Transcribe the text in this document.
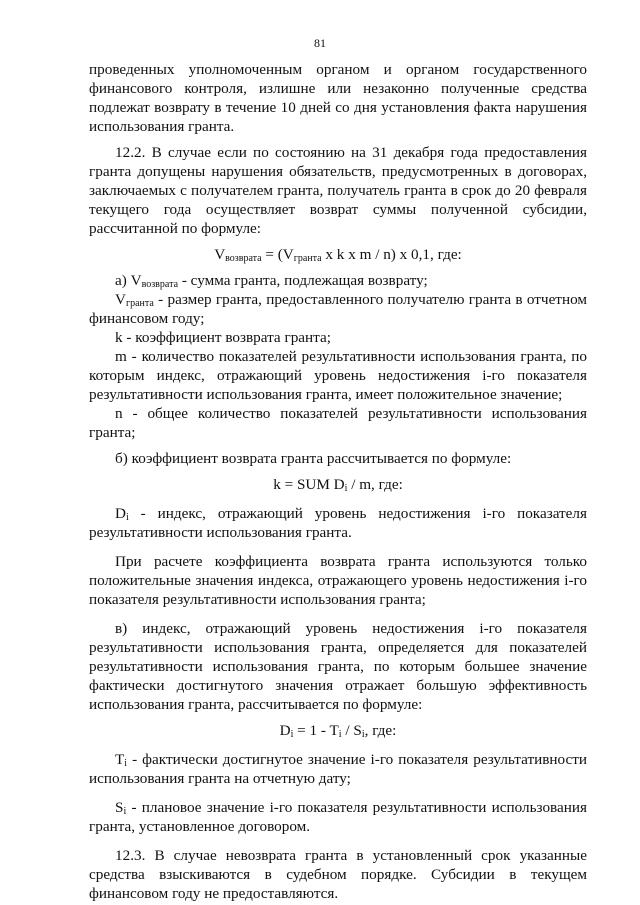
81

проведенных уполномоченным органом и органом государственного финансового контроля, излишне или незаконно полученные средства подлежат возврату в течение 10 дней со дня установления факта нарушения использования гранта.

12.2. В случае если по состоянию на 31 декабря года предоставления гранта допущены нарушения обязательств, предусмотренных в договорах, заключаемых с получателем гранта, получатель гранта в срок до 20 февраля текущего года осуществляет возврат суммы полученной субсидии, рассчитанной по формуле:

$V_{возврата} = (V_{гранта}$ x k x m / n) x 0,1, где:

а) $V_{возврата}$ - сумма гранта, подлежащая возврату;

$V_{гранта}$ - размер гранта, предоставленного получателю гранта в отчетном финансовом году;

k - коэффициент возврата гранта;

m - количество показателей результативности использования гранта, по которым индекс, отражающий уровень недостижения i-го показателя результативности использования гранта, имеет положительное значение;

n - общее количество показателей результативности использования гранта;

б) коэффициент возврата гранта рассчитывается по формуле:

k = SUM $D_i$ / m, где:

$D_i$ - индекс, отражающий уровень недостижения i-го показателя результативности использования гранта.

При расчете коэффициента возврата гранта используются только положительные значения индекса, отражающего уровень недостижения i-го показателя результативности использования гранта;

в) индекс, отражающий уровень недостижения i-го показателя результативности использования гранта, определяется для показателей результативности использования гранта, по которым большее значение фактически достигнутого значения отражает большую эффективность использования гранта, рассчитывается по формуле:

$D_i = 1 - T_i / S_i$, где:

$T_i$ - фактически достигнутое значение i-го показателя результативности использования гранта на отчетную дату;

$S_i$ - плановое значение i-го показателя результативности использования гранта, установленное договором.

12.3. В случае невозврата гранта в установленный срок указанные средства взыскиваются в судебном порядке. Субсидии в текущем финансовом году не предоставляются.
